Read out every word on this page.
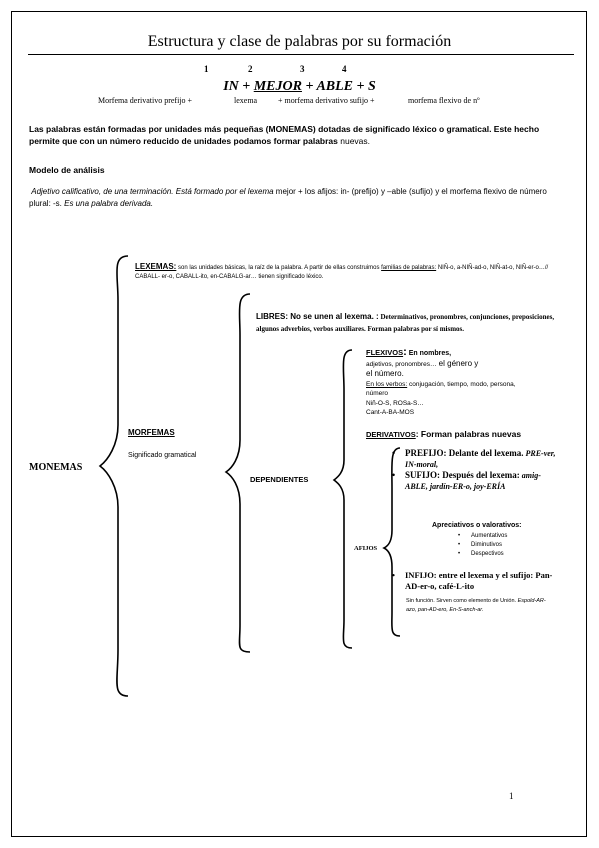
Estructura y clase de palabras por su formación
1	2	3	4
IN + MEJOR + ABLE + S
Morfema derivativo prefijo +	lexema	+ morfema derivativo sufijo +	morfema flexivo de nº
Las palabras están formadas por unidades más pequeñas (MONEMAS) dotadas de significado léxico o gramatical. Este hecho permite que con un número reducido de unidades podamos formar palabras nuevas.
Modelo de análisis
Adjetivo calificativo, de una terminación. Está formado por el lexema mejor + los afijos: in- (prefijo) y –able (sufijo) y el morfema flexivo de número plural: -s. Es una palabra derivada.
MONEMAS
LEXEMAS: son las unidades básicas, la raíz de la palabra. A partir de ellas construimos familias de palabras: NIÑ-o, a-NIÑ-ad-o, NIÑ-at-o, NIÑ-er-o…// CABALL- er-o, CABALL-ito, en-CABALG-ar… tienen significado léxico.
MORFEMAS
Significado gramatical
LIBRES: No se unen al lexema. : Determinativos, pronombres, conjunciones, preposiciones, algunos adverbios, verbos auxiliares. Forman palabras por sí mismos.
DEPENDIENTES
FLEXIVOS: En nombres,
adjetivos, pronombres… el género y
el número.
En los verbos: conjugación, tiempo, modo, persona, número
Niñ-O-S, ROSa-S…
Cant-A-BA-MOS
DERIVATIVOS: Forman palabras nuevas
AFIJOS
• PREFIJO: Delante del lexema. PRE-ver, IN-moral,
• SUFIJO: Después del lexema: amig-ABLE, jardín-ER-o, joy-ERÍA
Apreciativos o valorativos:
• Aumentativos
• Diminutivos
• Despectivos
• INFIJO: entre el lexema y el sufijo: Pan-AD-er-o, café-L-ito
Sin función. Sirven como elemento de Unión. Espold-AR-azo, pan-AD-ero, En-S-anch-ar.
1
